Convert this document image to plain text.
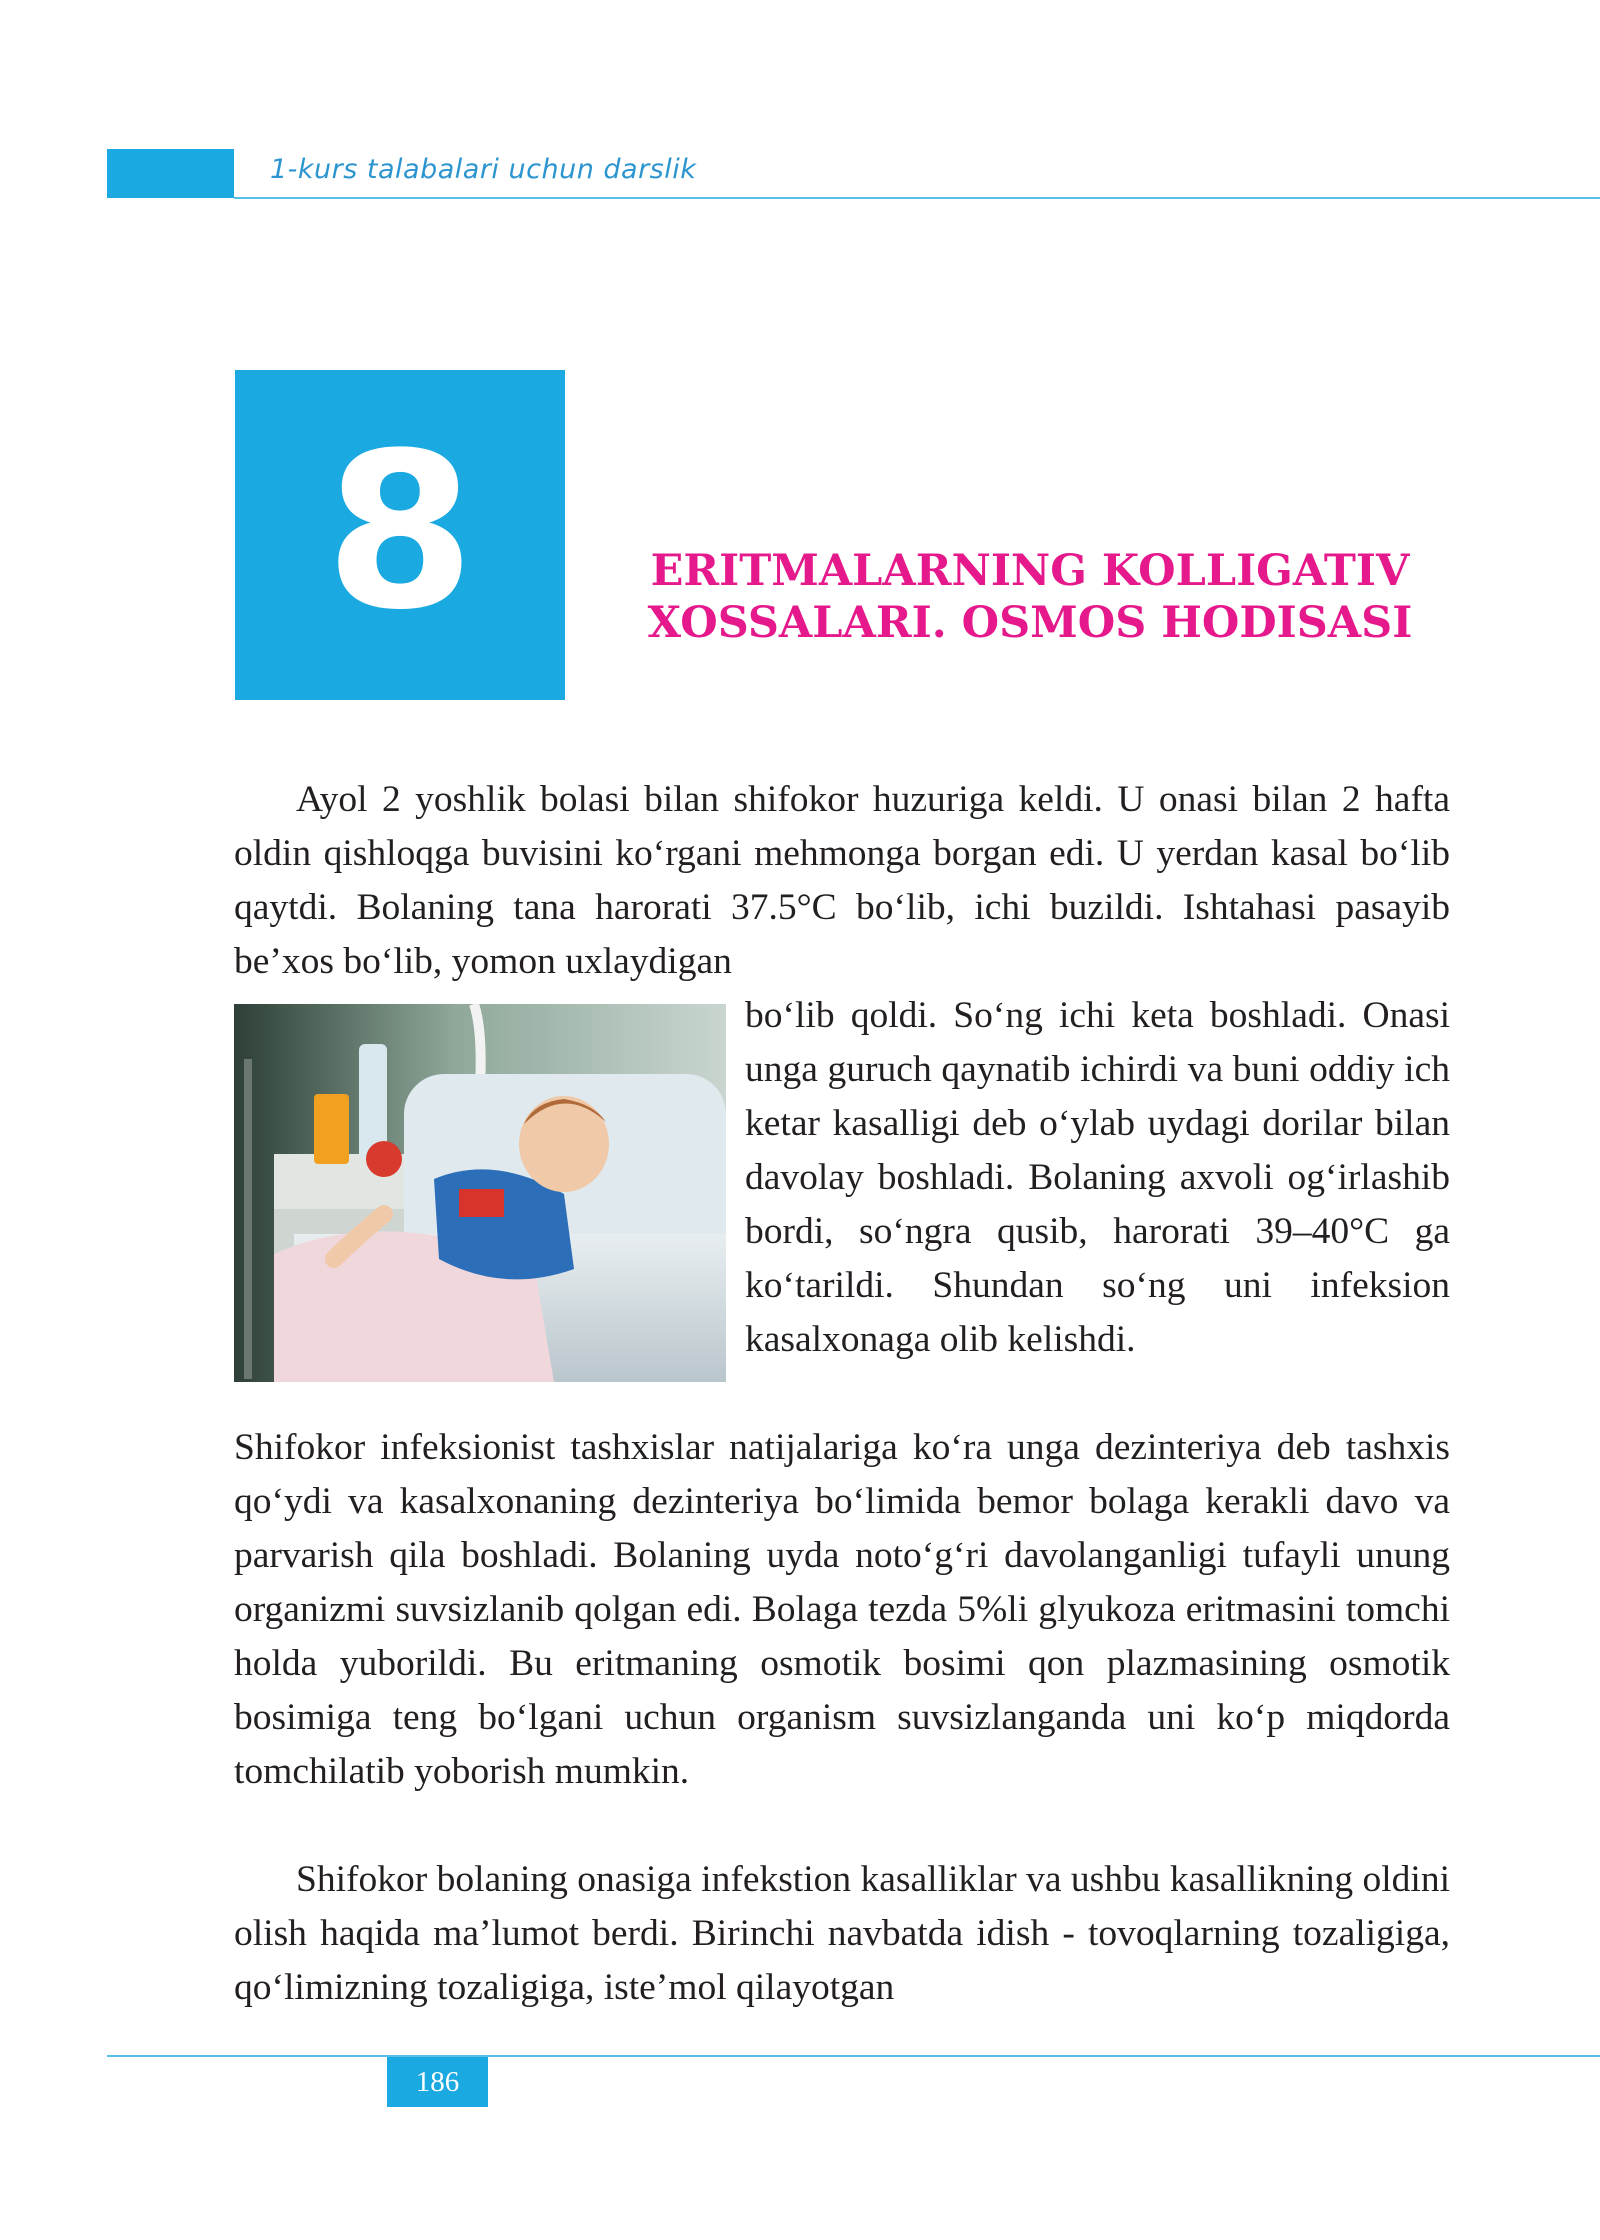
1-kurs talabalari uchun darslik
8	ERITMALARNING KOLLIGATIV XOSSALARI. OSMOS HODISASI

Ayol 2 yoshlik bolasi bilan shifokor huzuriga keldi. U onasi bilan 2 hafta oldin qishloqga buvisini ko‘rgani mehmonga borgan edi. U yerdan kasal bo‘lib qaytdi. Bolaning tana harorati 37.5°C bo‘lib, ichi buzildi. Ishtahasi pasayib be’xos bo‘lib, yomon uxlaydigan

bo‘lib qoldi. So‘ng ichi keta boshladi. Onasi unga guruch qaynatib ichirdi va buni oddiy ich ketar kasalligi deb o‘ylab uydagi dorilar bilan davolay boshladi. Bolaning axvoli og‘irlashib bordi, so‘ngra qusib, harorati 39–40°C ga ko‘tarildi. Shundan so‘ng uni infeksion kasalxonaga olib kelishdi.

Shifokor infeksionist tashxislar natijalariga ko‘ra unga dezinteriya deb tashxis qo‘ydi va kasalxonaning dezinteriya bo‘limida bemor bolaga kerakli davo va parvarish qila boshladi. Bolaning uyda noto‘g‘ri davolanganligi tufayli unung organizmi suvsizlanib qolgan edi. Bolaga tezda 5%li glyukoza eritmasini tomchi holda yuborildi. Bu eritmaning osmotik bosimi qon plazmasining osmotik bosimiga teng bo‘lgani uchun organism suvsizlanganda uni ko‘p miqdorda tomchilatib yoborish mumkin.

Shifokor bolaning onasiga infekstion kasalliklar va ushbu kasallikning oldini olish haqida ma’lumot berdi. Birinchi navbatda idish - tovoqlarning tozaligiga, qo‘limizning tozaligiga, iste’mol qilayotgan

186
